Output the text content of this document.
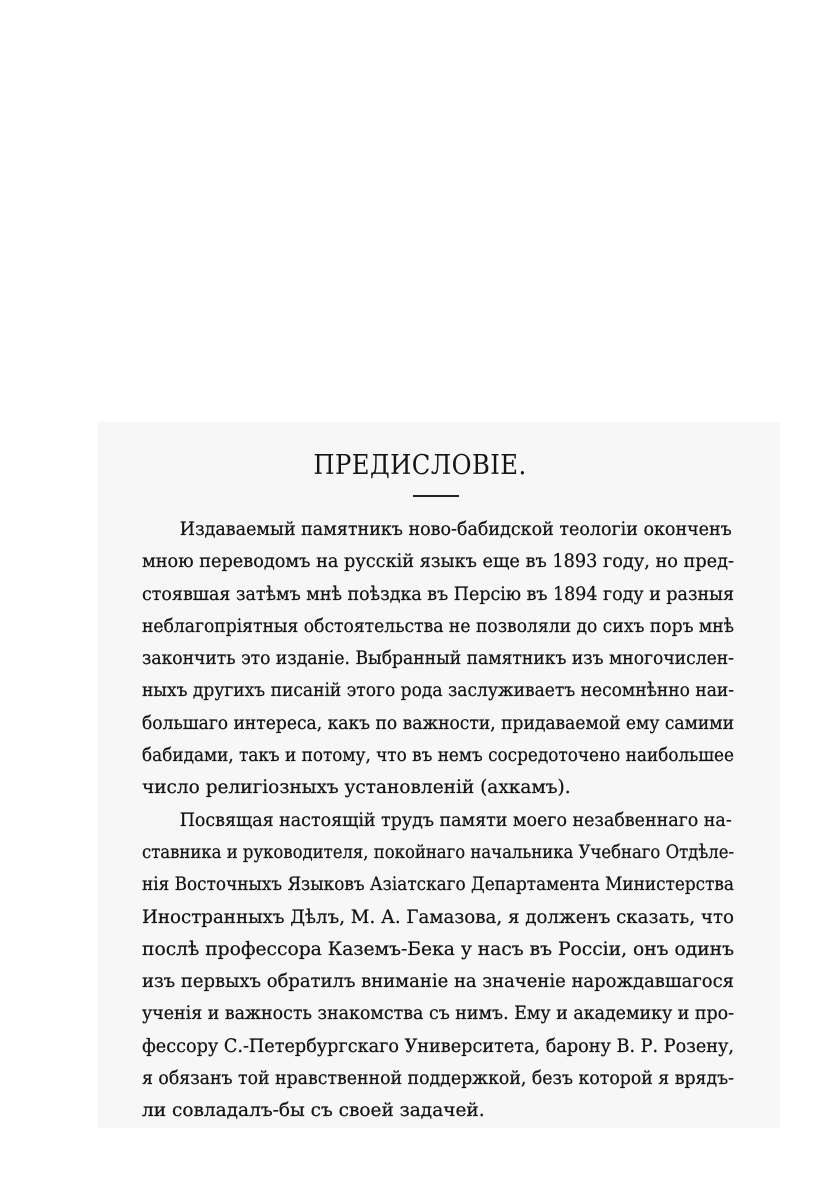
ПРЕДИСЛОВІЕ.
Издаваемый памятникъ ново-бабидской теологіи оконченъ
мною переводомъ на русскій языкъ еще въ 1893 году, но пред-
стоявшая затѣмъ мнѣ поѣздка въ Персію въ 1894 году и разныя
неблагопріятныя обстоятельства не позволяли до сихъ поръ мнѣ
закончить это изданіе. Выбранный памятникъ изъ многочислен-
ныхъ другихъ писаній этого рода заслуживаетъ несомнѣнно наи-
большаго интереса, какъ по важности, придаваемой ему самими
бабидами, такъ и потому, что въ немъ сосредоточено наибольшее
число религіозныхъ установленій (ахкамъ).
Посвящая настоящій трудъ памяти моего незабвеннаго на-
ставника и руководителя, покойнаго начальника Учебнаго Отдѣле-
нія Восточныхъ Языковъ Азіатскаго Департамента Министерства
Иностранныхъ Дѣлъ, М. А. Гамазова, я долженъ сказать, что
послѣ профессора Каземъ-Бека у насъ въ Россіи, онъ одинъ
изъ первыхъ обратилъ вниманіе на значеніе нарождавшагося
ученія и важность знакомства съ нимъ. Ему и академику и про-
фессору С.-Петербургскаго Университета, барону В. Р. Розену,
я обязанъ той нравственной поддержкой, безъ которой я врядъ-
ли совладалъ-бы съ своей задачей.
